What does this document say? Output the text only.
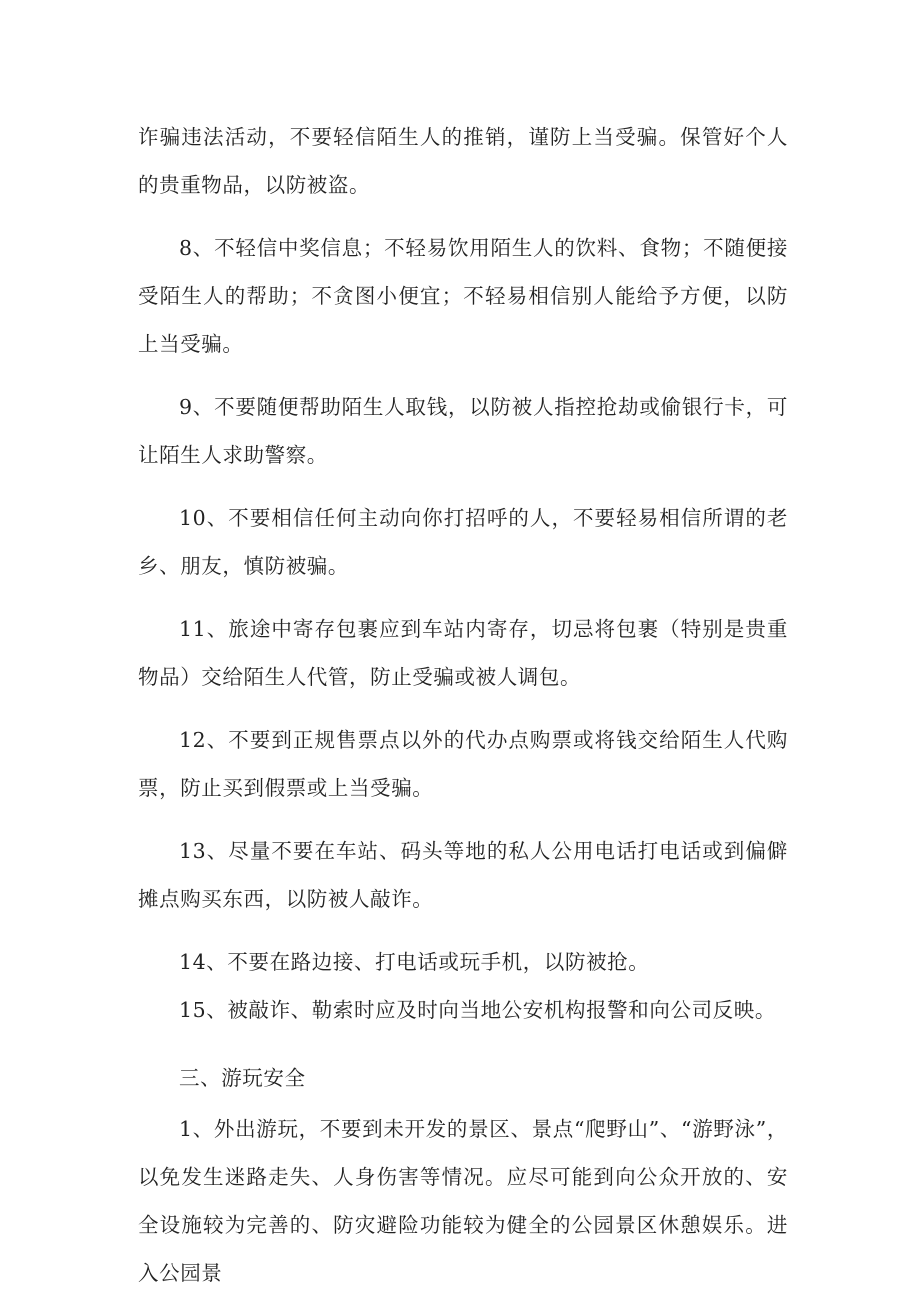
诈骗违法活动，不要轻信陌生人的推销，谨防上当受骗。保管好个人的贵重物品，以防被盗。

8、不轻信中奖信息；不轻易饮用陌生人的饮料、食物；不随便接受陌生人的帮助；不贪图小便宜；不轻易相信别人能给予方便，以防上当受骗。

9、不要随便帮助陌生人取钱，以防被人指控抢劫或偷银行卡，可让陌生人求助警察。

10、不要相信任何主动向你打招呼的人，不要轻易相信所谓的老乡、朋友，慎防被骗。

11、旅途中寄存包裹应到车站内寄存，切忌将包裹（特别是贵重物品）交给陌生人代管，防止受骗或被人调包。

12、不要到正规售票点以外的代办点购票或将钱交给陌生人代购票，防止买到假票或上当受骗。

13、尽量不要在车站、码头等地的私人公用电话打电话或到偏僻摊点购买东西，以防被人敲诈。

14、不要在路边接、打电话或玩手机，以防被抢。

15、被敲诈、勒索时应及时向当地公安机构报警和向公司反映。

三、游玩安全

1、外出游玩，不要到未开发的景区、景点“爬野山”、“游野泳”，以免发生迷路走失、人身伤害等情况。应尽可能到向公众开放的、安全设施较为完善的、防灾避险功能较为健全的公园景区休憩娱乐。进入公园景
